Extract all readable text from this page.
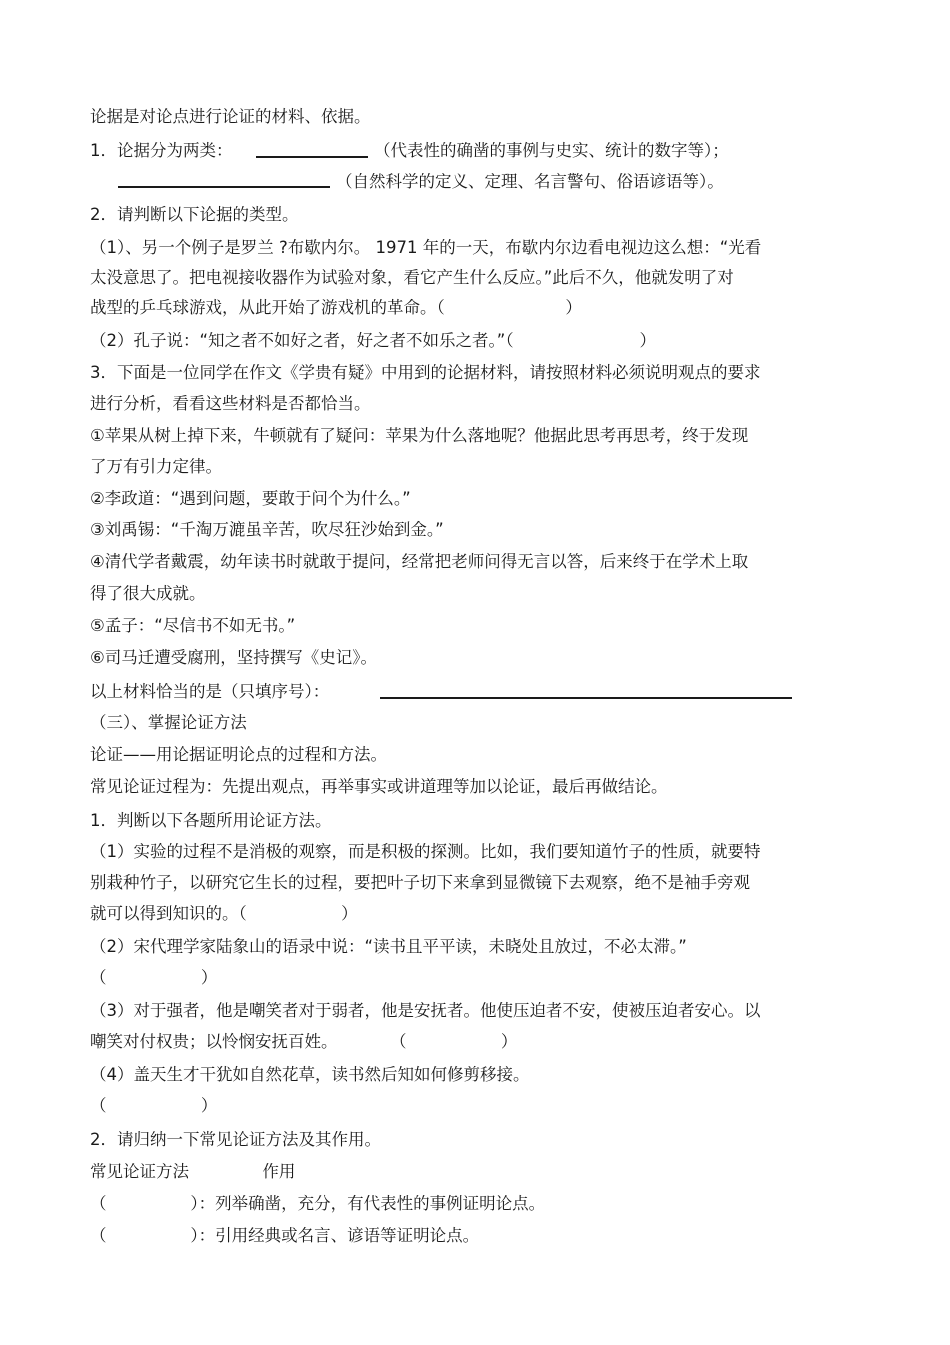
论据是对论点进行论证的材料、依据。
1．论据分为两类：	（代表性的确凿的事例与史实、统计的数字等）；
（自然科学的定义、定理、名言警句、俗语谚语等）。
2．请判断以下论据的类型。
（1）、另一个例子是罗兰 ?布歇内尔。 1971 年的一天，布歇内尔边看电视边这么想：“光看
太没意思了。把电视接收器作为试验对象，看它产生什么反应。”此后不久，他就发明了对
战型的乒乓球游戏，从此开始了游戏机的革命。（                       ）
（2）孔子说：“知之者不如好之者，好之者不如乐之者。”（                        ）
3．下面是一位同学在作文《学贵有疑》中用到的论据材料，请按照材料必须说明观点的要求
进行分析，看看这些材料是否都恰当。
①苹果从树上掉下来，牛顿就有了疑问：苹果为什么落地呢？他据此思考再思考，终于发现
了万有引力定律。
②李政道：“遇到问题，要敢于问个为什么。”
③刘禹锡：“千淘万漉虽辛苦，吹尽狂沙始到金。”
④清代学者戴震，幼年读书时就敢于提问，经常把老师问得无言以答，后来终于在学术上取
得了很大成就。
⑤孟子：“尽信书不如无书。”
⑥司马迁遭受腐刑，坚持撰写《史记》。
以上材料恰当的是（只填序号）：
（三）、掌握论证方法
论证——用论据证明论点的过程和方法。
常见论证过程为：先提出观点，再举事实或讲道理等加以论证，最后再做结论。
1．判断以下各题所用论证方法。
（1）实验的过程不是消极的观察，而是积极的探测。比如，我们要知道竹子的性质，就要特
别栽种竹子，以研究它生长的过程，要把叶子切下来拿到显微镜下去观察，绝不是袖手旁观
就可以得到知识的。（                  ）
（2）宋代理学家陆象山的语录中说：“读书且平平读，未晓处且放过，不必太滞。”
（                  ）
（3）对于强者，他是嘲笑者对于弱者，他是安抚者。他使压迫者不安，使被压迫者安心。以
嘲笑对付权贵；以怜悯安抚百姓。          （                  ）
（4）盖天生才干犹如自然花草，读书然后知如何修剪移接。
（                  ）
2．请归纳一下常见论证方法及其作用。
常见论证方法              作用
（                ）：列举确凿，充分，有代表性的事例证明论点。
（                ）：引用经典或名言、谚语等证明论点。
